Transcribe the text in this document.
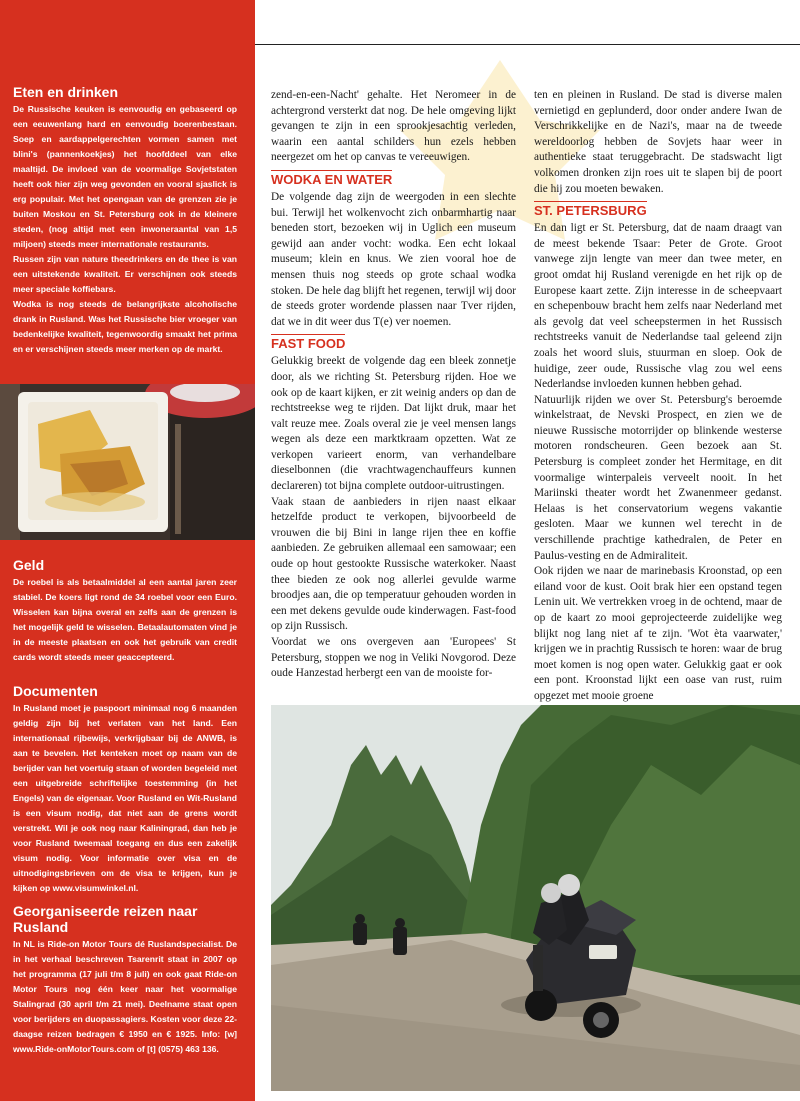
Eten en drinken

De Russische keuken is eenvoudig en gebaseerd op een eeuwenlang hard en eenvoudig boerenbestaan. Soep en aardappelgerechten vormen samen met blini's (pannenkoekjes) het hoofddeel van elke maaltijd. De invloed van de voormalige Sovjetstaten heeft ook hier zijn weg gevonden en vooral sjaslick is erg populair. Met het opengaan van de grenzen zie je buiten Moskou en St. Petersburg ook in de kleinere steden, (nog altijd met een inwoneraantal van 1,5 miljoen) steeds meer internationale restaurants.

Russen zijn van nature theedrinkers en de thee is van een uitstekende kwaliteit. Er verschijnen ook steeds meer speciale koffiebars.

Wodka is nog steeds de belangrijkste alcoholische drank in Rusland. Was het Russische bier vroeger van bedenkelijke kwaliteit, tegenwoordig smaakt het prima en er verschijnen steeds meer merken op de markt.

Geld

De roebel is als betaalmiddel al een aantal jaren zeer stabiel. De koers ligt rond de 34 roebel voor een Euro. Wisselen kan bijna overal en zelfs aan de grenzen is het mogelijk geld te wisselen. Betaalautomaten vind je in de meeste plaatsen en ook het gebruik van credit cards wordt steeds meer geaccepteerd.

Documenten

In Rusland moet je paspoort minimaal nog 6 maanden geldig zijn bij het verlaten van het land. Een internationaal rijbewijs, verkrijgbaar bij de ANWB, is aan te bevelen. Het kenteken moet op naam van de berijder van het voertuig staan of worden begeleid met een uitgebreide schriftelijke toestemming (in het Engels) van de eigenaar. Voor Rusland en Wit-Rusland is een visum nodig, dat niet aan de grens wordt verstrekt. Wil je ook nog naar Kaliningrad, dan heb je voor Rusland tweemaal toegang en dus een zakelijk visum nodig. Voor informatie over visa en de uitnodigingsbrieven om de visa te krijgen, kun je kijken op www.visumwinkel.nl.

Georganiseerde reizen naar Rusland

In NL is Ride-on Motor Tours dé Ruslandspecialist. De in het verhaal beschreven Tsarenrit staat in 2007 op het programma (17 juli t/m 8 juli) en ook gaat Ride-on Motor Tours nog één keer naar het voormalige Stalingrad (30 april t/m 21 mei). Deelname staat open voor berijders en duopassagiers. Kosten voor deze 22-daagse reizen bedragen € 1950 en € 1925. Info: [w] www.Ride-onMotorTours.com of [t] (0575) 463 136.

zend-en-een-Nacht' gehalte. Het Neromeer in de achtergrond versterkt dat nog. De hele omgeving lijkt gevangen te zijn in een sprookjesachtig verleden, waarin een aantal schilders hun ezels hebben neergezet om het op canvas te vereeuwigen.

WODKA EN WATER

De volgende dag zijn de weergoden in een slechte bui. Terwijl het wolkenvocht zich onbarmhartig naar beneden stort, bezoeken wij in Uglich een museum gewijd aan ander vocht: wodka. Een echt lokaal museum; klein en knus. We zien vooral hoe de mensen thuis nog steeds op grote schaal wodka stoken. De hele dag blijft het regenen, terwijl wij door de steeds groter wordende plassen naar Tver rijden, dat we in dit weer dus T(e) ver noemen.

FAST FOOD

Gelukkig breekt de volgende dag een bleek zonnetje door, als we richting St. Petersburg rijden. Hoe we ook op de kaart kijken, er zit weinig anders op dan de rechtstreekse weg te rijden. Dat lijkt druk, maar het valt reuze mee. Zoals overal zie je veel mensen langs wegen als deze een marktkraam opzetten. Wat ze verkopen varieert enorm, van verhandelbare dieselbonnen (die vrachtwagenchauffeurs kunnen declareren) tot bijna complete outdoor-uitrustingen.

Vaak staan de aanbieders in rijen naast elkaar hetzelfde product te verkopen, bijvoorbeeld de vrouwen die bij Bini in lange rijen thee en koffie aanbieden. Ze gebruiken allemaal een samowaar; een oude op hout gestookte Russische waterkoker. Naast thee bieden ze ook nog allerlei gevulde warme broodjes aan, die op temperatuur gehouden worden in een met dekens gevulde oude kinderwagen. Fast-food op zijn Russisch.

Voordat we ons overgeven aan 'Europees' St Petersburg, stoppen we nog in Veliki Novgorod. Deze oude Hanzestad herbergt een van de mooiste for-

ten en pleinen in Rusland. De stad is diverse malen vernietigd en geplunderd, door onder andere Iwan de Verschrikkelijke en de Nazi's, maar na de tweede wereldoorlog hebben de Sovjets haar weer in authentieke staat teruggebracht. De stadswacht ligt volkomen dronken zijn roes uit te slapen bij de poort die hij zou moeten bewaken.

ST. PETERSBURG

En dan ligt er St. Petersburg, dat de naam draagt van de meest bekende Tsaar: Peter de Grote. Groot vanwege zijn lengte van meer dan twee meter, en groot omdat hij Rusland verenigde en het rijk op de Europese kaart zette. Zijn interesse in de scheepvaart en schepenbouw bracht hem zelfs naar Nederland met als gevolg dat veel scheepstermen in het Russisch rechtstreeks vanuit de Nederlandse taal geleend zijn zoals het woord sluis, stuurman en sloep. Ook de huidige, zeer oude, Russische vlag zou wel eens Nederlandse invloeden kunnen hebben gehad.

Natuurlijk rijden we over St. Petersburg's beroemde winkelstraat, de Nevski Prospect, en zien we de nieuwe Russische motorrijder op blinkende westerse motoren rondscheuren. Geen bezoek aan St. Petersburg is compleet zonder het Hermitage, en dit voormalige winterpaleis verveelt nooit. In het Mariinski theater wordt het Zwanenmeer gedanst. Helaas is het conservatorium wegens vakantie gesloten. Maar we kunnen wel terecht in de verschillende prachtige kathedralen, de Peter en Paulus-vesting en de Admiraliteit.

Ook rijden we naar de marinebasis Kroonstad, op een eiland voor de kust. Ooit brak hier een opstand tegen Lenin uit. We vertrekken vroeg in de ochtend, maar de op de kaart zo mooi geprojecteerde zuidelijke weg blijkt nog lang niet af te zijn. 'Wot èta vaarwater,' krijgen we in prachtig Russisch te horen: waar de brug moet komen is nog open water. Gelukkig gaat er ook een pont. Kroonstad lijkt een oase van rust, ruim opgezet met mooie groene
